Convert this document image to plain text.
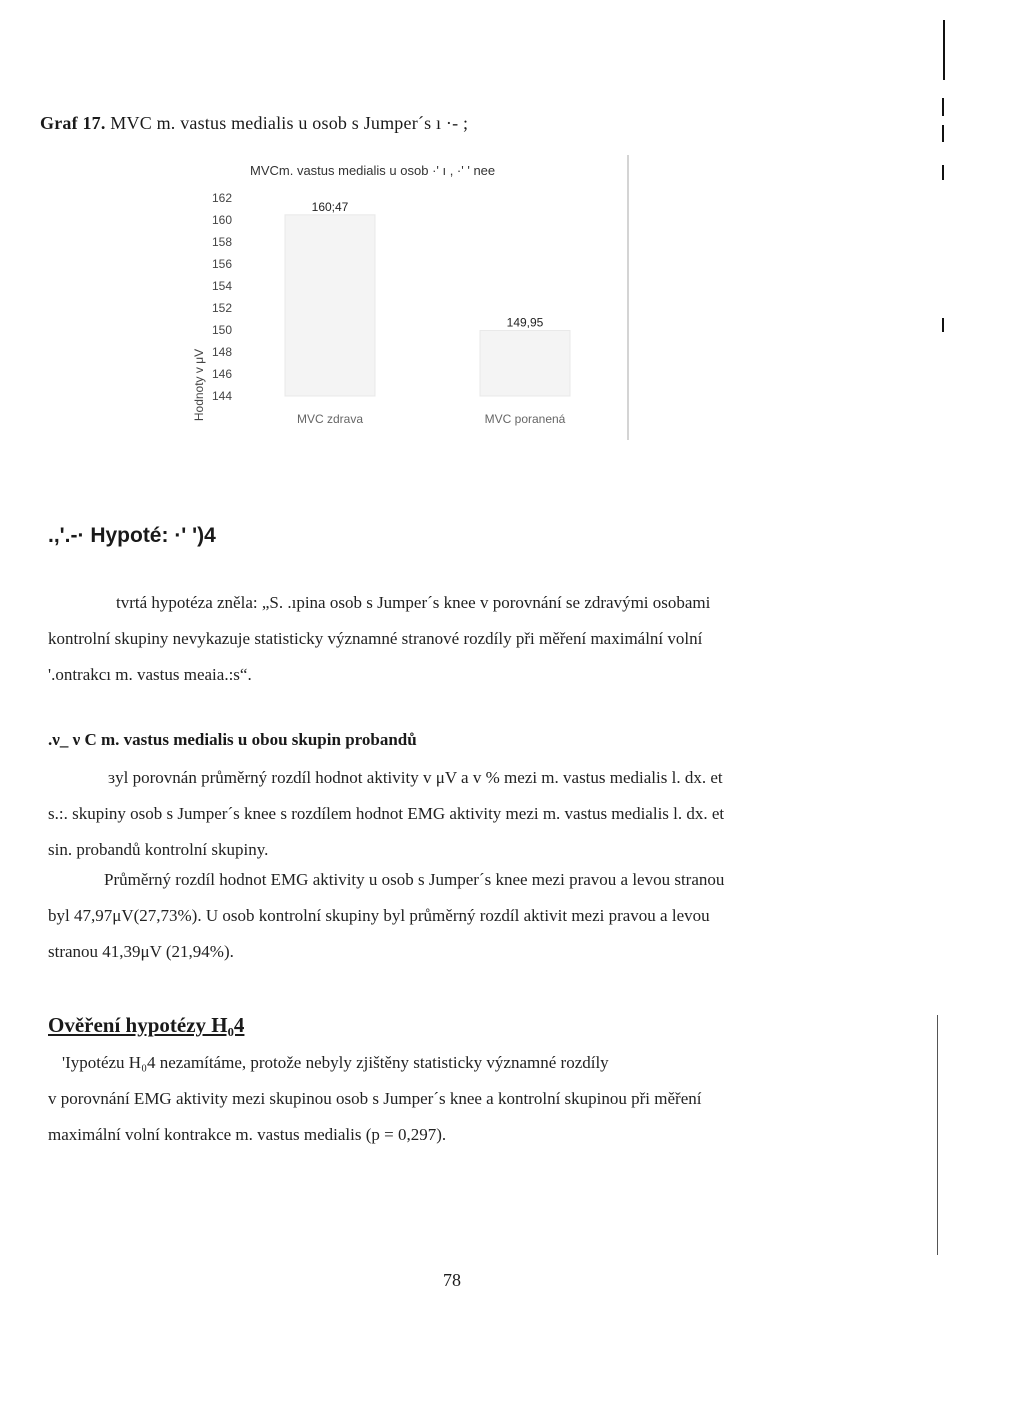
Graf 17. MVC m. vastus medialis u osob s Jumper´s ı ·- ;
MVCm. vastus medialis u osob ·' ı , ·' ' nee
Hodnoty v μV
162
160
158
156
154
152
150
148
146
144
160;47
149,95
MVC zdrava	MVC poranená
.,'.-· Hypoté: ·' ')4
tvrtá hypotéza zněla: „S. .ıpina osob s Jumper´s knee v porovnání se zdravými osobami
kontrolní skupiny nevykazuje statisticky významné stranové rozdíly při měření maximální volní
'.ontrakcı m. vastus meaia.:s“.
.ν_ ν C m. vastus medialis u obou skupin probandů
ɜyl porovnán průměrný rozdíl hodnot aktivity v μV a v % mezi m. vastus medialis l. dx. et
s.:. skupiny osob s Jumper´s knee s rozdílem hodnot EMG aktivity mezi m. vastus medialis l. dx. et
sin. probandů kontrolní skupiny.
Průměrný rozdíl hodnot EMG aktivity u osob s Jumper´s knee mezi pravou a levou stranou
byl 47,97μV(27,73%). U osob kontrolní skupiny byl průměrný rozdíl aktivit mezi pravou a levou
stranou 41,39μV (21,94%).
Ověření hypotézy H₀4
'Iypotézu H₀4 nezamítáme, protože nebyly zjištěny statisticky významné rozdíly
v porovnání EMG aktivity mezi skupinou osob s Jumper´s knee a kontrolní skupinou při měření
maximální volní kontrakce m. vastus medialis (p = 0,297).
78
